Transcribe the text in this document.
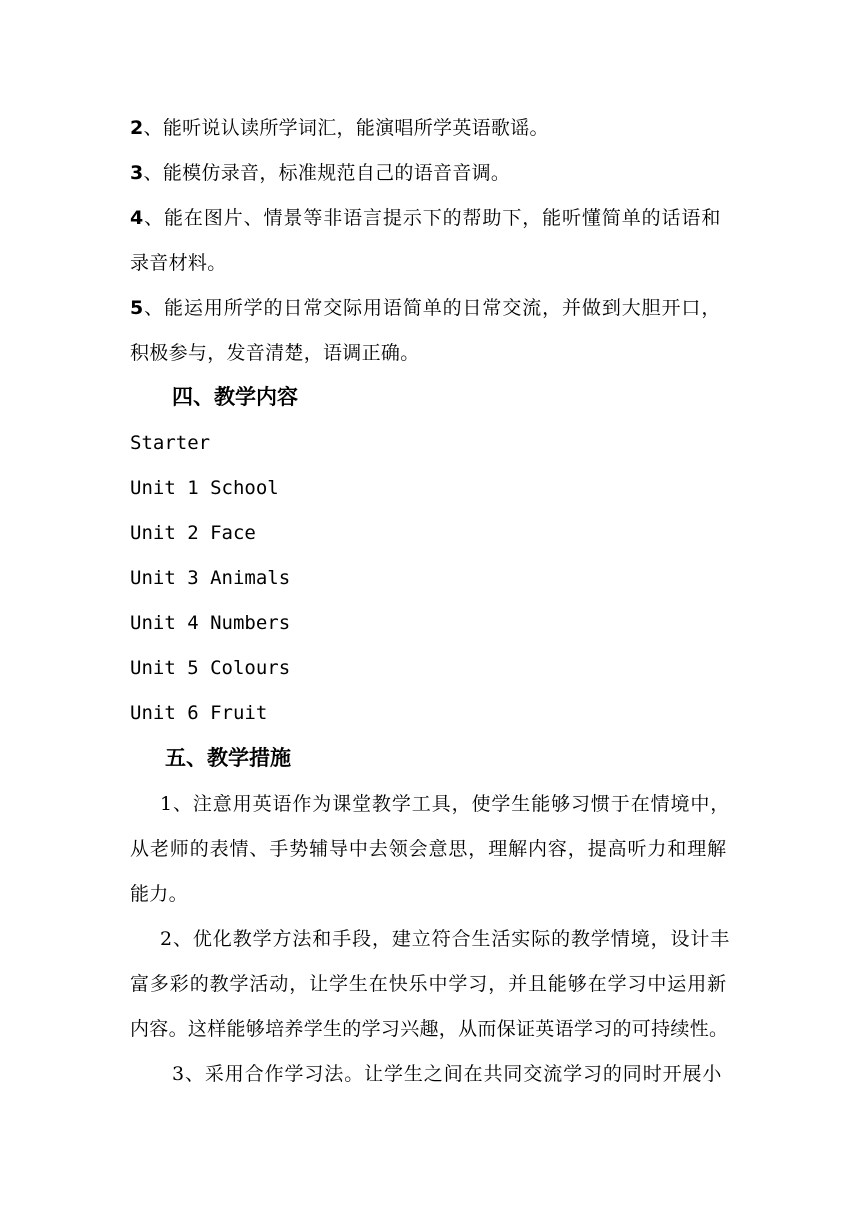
2、能听说认读所学词汇，能演唱所学英语歌谣。
3、能模仿录音，标准规范自己的语音音调。
4、能在图片、情景等非语言提示下的帮助下，能听懂简单的话语和
录音材料。
5、能运用所学的日常交际用语简单的日常交流，并做到大胆开口，
积极参与，发音清楚，语调正确。
四、教学内容
Starter
Unit 1 School
Unit 2 Face
Unit 3 Animals
Unit 4 Numbers
Unit 5 Colours
Unit 6 Fruit
五、教学措施
1、注意用英语作为课堂教学工具，使学生能够习惯于在情境中，
从老师的表情、手势辅导中去领会意思，理解内容，提高听力和理解
能力。
2、优化教学方法和手段，建立符合生活实际的教学情境，设计丰
富多彩的教学活动，让学生在快乐中学习，并且能够在学习中运用新
内容。这样能够培养学生的学习兴趣，从而保证英语学习的可持续性。
3、采用合作学习法。让学生之间在共同交流学习的同时开展小
